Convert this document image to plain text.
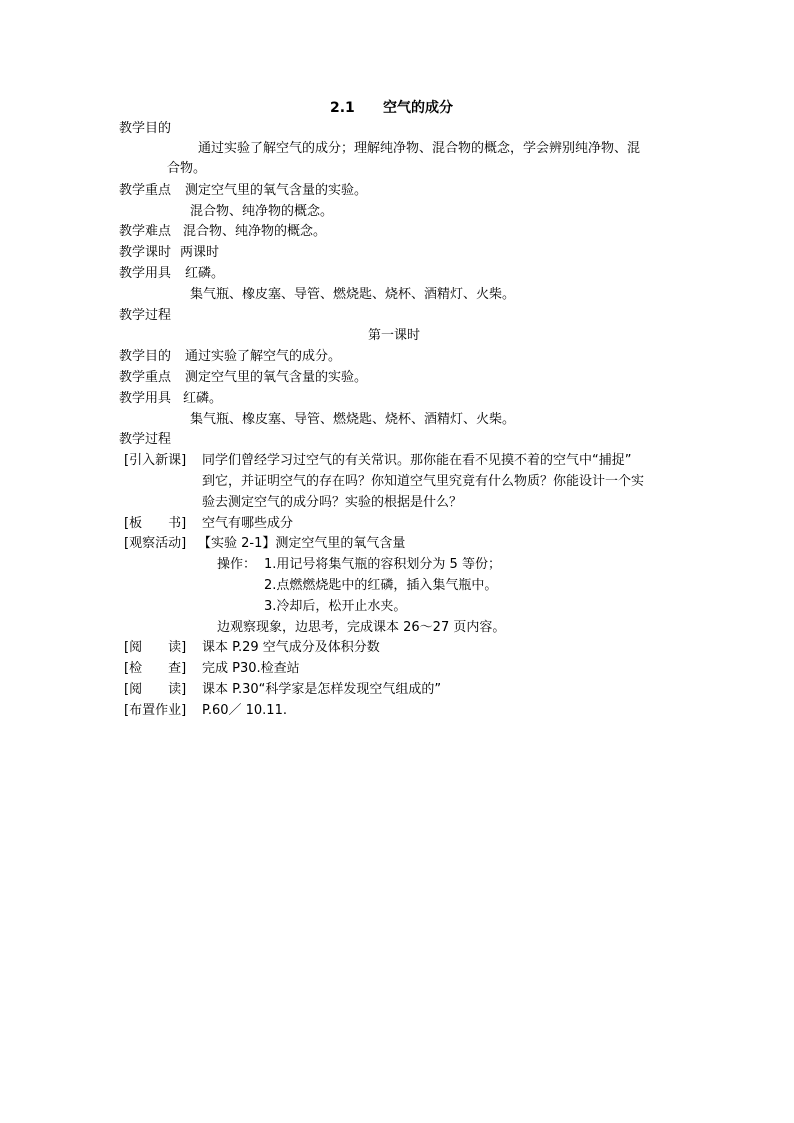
2.1 空气的成分
教学目的
通过实验了解空气的成分；理解纯净物、混合物的概念，学会辨别纯净物、混
合物。
教学重点 测定空气里的氧气含量的实验。
混合物、纯净物的概念。
教学难点 混合物、纯净物的概念。
教学课时 两课时
教学用具 红磷。
集气瓶、橡皮塞、导管、燃烧匙、烧杯、酒精灯、火柴。
教学过程
第一课时
教学目的 通过实验了解空气的成分。
教学重点 测定空气里的氧气含量的实验。
教学用具 红磷。
集气瓶、橡皮塞、导管、燃烧匙、烧杯、酒精灯、火柴。
教学过程
[引入新课] 同学们曾经学习过空气的有关常识。那你能在看不见摸不着的空气中“捕捉”
到它，并证明空气的存在吗？你知道空气里究竟有什么物质？你能设计一个实
验去测定空气的成分吗？实验的根据是什么？
[板　　书] 空气有哪些成分
[观察活动] 【实验 2-1】测定空气里的氧气含量
操作： 1.用记号将集气瓶的容积划分为 5 等份；
2.点燃燃烧匙中的红磷，插入集气瓶中。
3.冷却后，松开止水夹。
边观察现象，边思考，完成课本 26～27 页内容。
[阅　　读] 课本 P.29 空气成分及体积分数
[检　　查] 完成 P30.检查站
[阅　　读] 课本 P.30“科学家是怎样发现空气组成的”
[布置作业] P.60／ 10.11.
